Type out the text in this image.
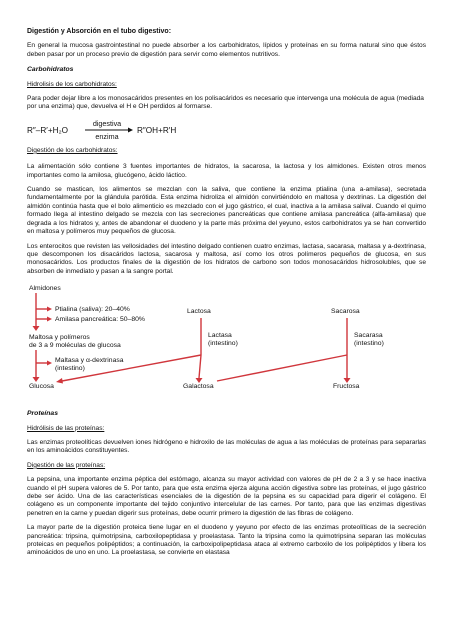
Digestión y Absorción en el tubo digestivo:

En general la mucosa gastrointestinal no puede absorber a los carbohidratos, lípidos y proteínas en su forma natural sino que éstos deben pasar por un proceso previo de digestión para servir como elementos nutritivos.

Carbohidratos

Hidrolisis de los carbohidratos:

Para poder dejar libre a los monosacáridos presentes en los polisacáridos es necesario que intervenga una molécula de agua (mediada por una enzima) que, devuelva el H e OH perdidos al formarse.

R″–R′+H₂O
digestiva
enzima
R″OH+R′H

Digestión de los carbohidratos:

La alimentación sólo contiene 3 fuentes importantes de hidratos, la sacarosa, la lactosa y los almidones. Existen otros menos importantes como la amilosa, glucógeno, ácido láctico.

Cuando se mastican, los alimentos se mezclan con la saliva, que contiene la enzima ptialina (una a-amilasa), secretada fundamentalmente por la glándula parótida. Esta enzima hidroliza el almidón convirtiéndolo en maltosa y dextrinas. La digestión del almidón continúa hasta que el bolo alimenticio es mezclado con el jugo gástrico, el cual, inactiva a la amilasa salival. Cuando el quimo formado llega al intestino delgado se mezcla con las secreciones pancreáticas que contiene amilasa pancreática (alfa-amilasa) que degrada a los hidratos y, antes de abandonar el duodeno y la parte más próxima del yeyuno, estos carbohidratos ya se han convertido en maltosa y polímeros muy pequeños de glucosa.

Los enterocitos que revisten las vellosidades del intestino delgado contienen cuatro enzimas, lactasa, sacarasa, maltasa y a-dextrinasa, que descomponen los disacáridos lactosa, sacarosa y maltosa, así como los otros polímeros pequeños de glucosa, en sus monosacáridos. Los productos finales de la digestión de los hidratos de carbono son todos monosacáridos hidrosolubles, que se absorben de inmediato y pasan a la sangre portal.

Almidones
Ptialina (saliva): 20–40%
Amilasa pancreática: 50–80%
Maltosa y polímeros
de 3 a 9 moléculas de glucosa
Maltasa y α-dextrinasa
(intestino)
Lactosa
Lactasa
(intestino)
Sacarosa
Sacarasa
(intestino)
Glucosa	Galactosa	Fructosa

Proteínas

Hidrólisis de las proteínas:

Las enzimas proteolíticas devuelven iones hidrógeno e hidroxilo de las moléculas de agua a las moléculas de proteínas para separarlas en los aminoácidos constituyentes.

Digestión de las proteínas:

La pepsina, una importante enzima péptica del estómago, alcanza su mayor actividad con valores de pH de 2 a 3 y se hace inactiva cuando el pH supera valores de 5. Por tanto, para que esta enzima ejerza alguna acción digestiva sobre las proteínas, el jugo gástrico debe ser ácido. Una de las características esenciales de la digestión de la pepsina es su capacidad para digerir el colágeno. El colágeno es un componente importante del tejido conjuntivo intercelular de las carnes. Por tanto, para que las enzimas digestivas penetren en la carne y puedan digerir sus proteínas, debe ocurrir primero la digestión de las fibras de colágeno.

La mayor parte de la digestión proteica tiene lugar en el duodeno y yeyuno por efecto de las enzimas proteolíticas de la secreción pancreática: tripsina, quimotripsina, carboxilopeptidasa y proelastasa. Tanto la tripsina como la quimotripsina separan las moléculas proteicas en pequeños polipéptidos; a continuación, la carboxipolipeptidasa ataca al extremo carboxilo de los polipéptidos y libera los aminoácidos de uno en uno. La proelastasa, se convierte en elastasa
